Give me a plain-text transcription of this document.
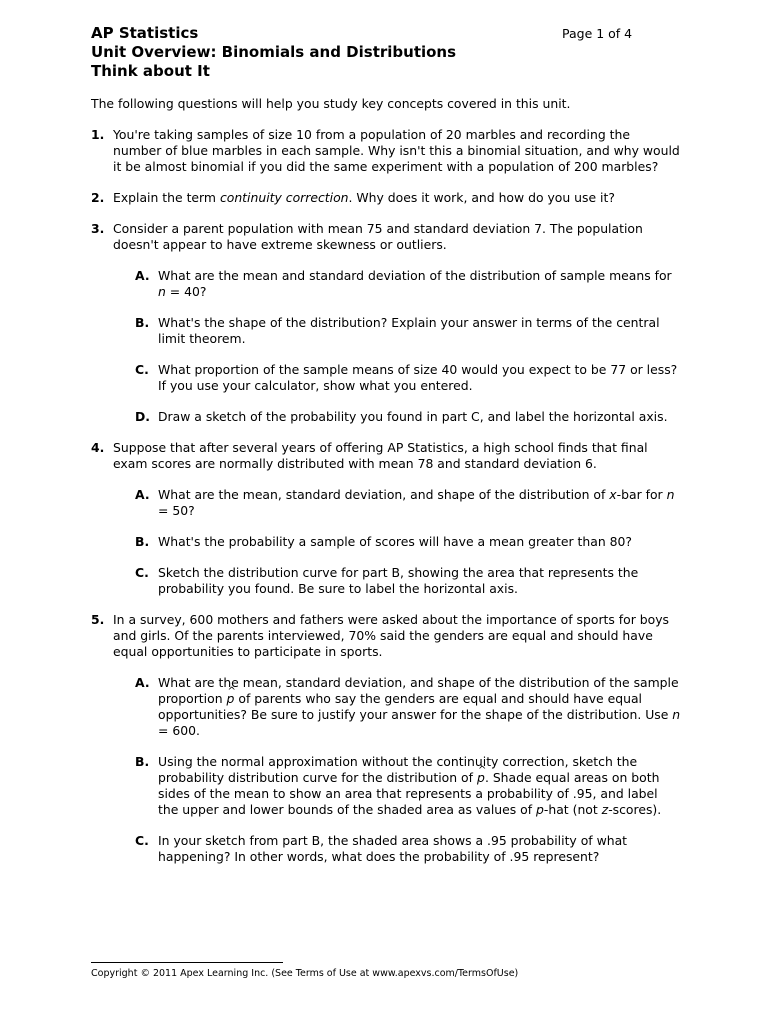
AP Statistics
Unit Overview: Binomials and Distributions
Think about It
Page 1 of 4

The following questions will help you study key concepts covered in this unit.

1. You're taking samples of size 10 from a population of 20 marbles and recording the number of blue marbles in each sample. Why isn't this a binomial situation, and why would it be almost binomial if you did the same experiment with a population of 200 marbles?
2. Explain the term continuity correction. Why does it work, and how do you use it?
3. Consider a parent population with mean 75 and standard deviation 7. The population doesn't appear to have extreme skewness or outliers.
A. What are the mean and standard deviation of the distribution of sample means for n = 40?
B. What's the shape of the distribution? Explain your answer in terms of the central limit theorem.
C. What proportion of the sample means of size 40 would you expect to be 77 or less? If you use your calculator, show what you entered.
D. Draw a sketch of the probability you found in part C, and label the horizontal axis.
4. Suppose that after several years of offering AP Statistics, a high school finds that final exam scores are normally distributed with mean 78 and standard deviation 6.
A. What are the mean, standard deviation, and shape of the distribution of x-bar for n = 50?
B. What's the probability a sample of scores will have a mean greater than 80?
C. Sketch the distribution curve for part B, showing the area that represents the probability you found. Be sure to label the horizontal axis.
5. In a survey, 600 mothers and fathers were asked about the importance of sports for boys and girls. Of the parents interviewed, 70% said the genders are equal and should have equal opportunities to participate in sports.
A. What are the mean, standard deviation, and shape of the distribution of the sample proportion ^ p of parents who say the genders are equal and should have equal opportunities? Be sure to justify your answer for the shape of the distribution. Use n = 600.
B. Using the normal approximation without the continuity correction, sketch the probability distribution curve for the distribution of ^ p. Shade equal areas on both sides of the mean to show an area that represents a probability of .95, and label the upper and lower bounds of the shaded area as values of p-hat (not z-scores).
C. In your sketch from part B, the shaded area shows a .95 probability of what happening? In other words, what does the probability of .95 represent?
Copyright © 2011 Apex Learning Inc. (See Terms of Use at www.apexvs.com/TermsOfUse)
